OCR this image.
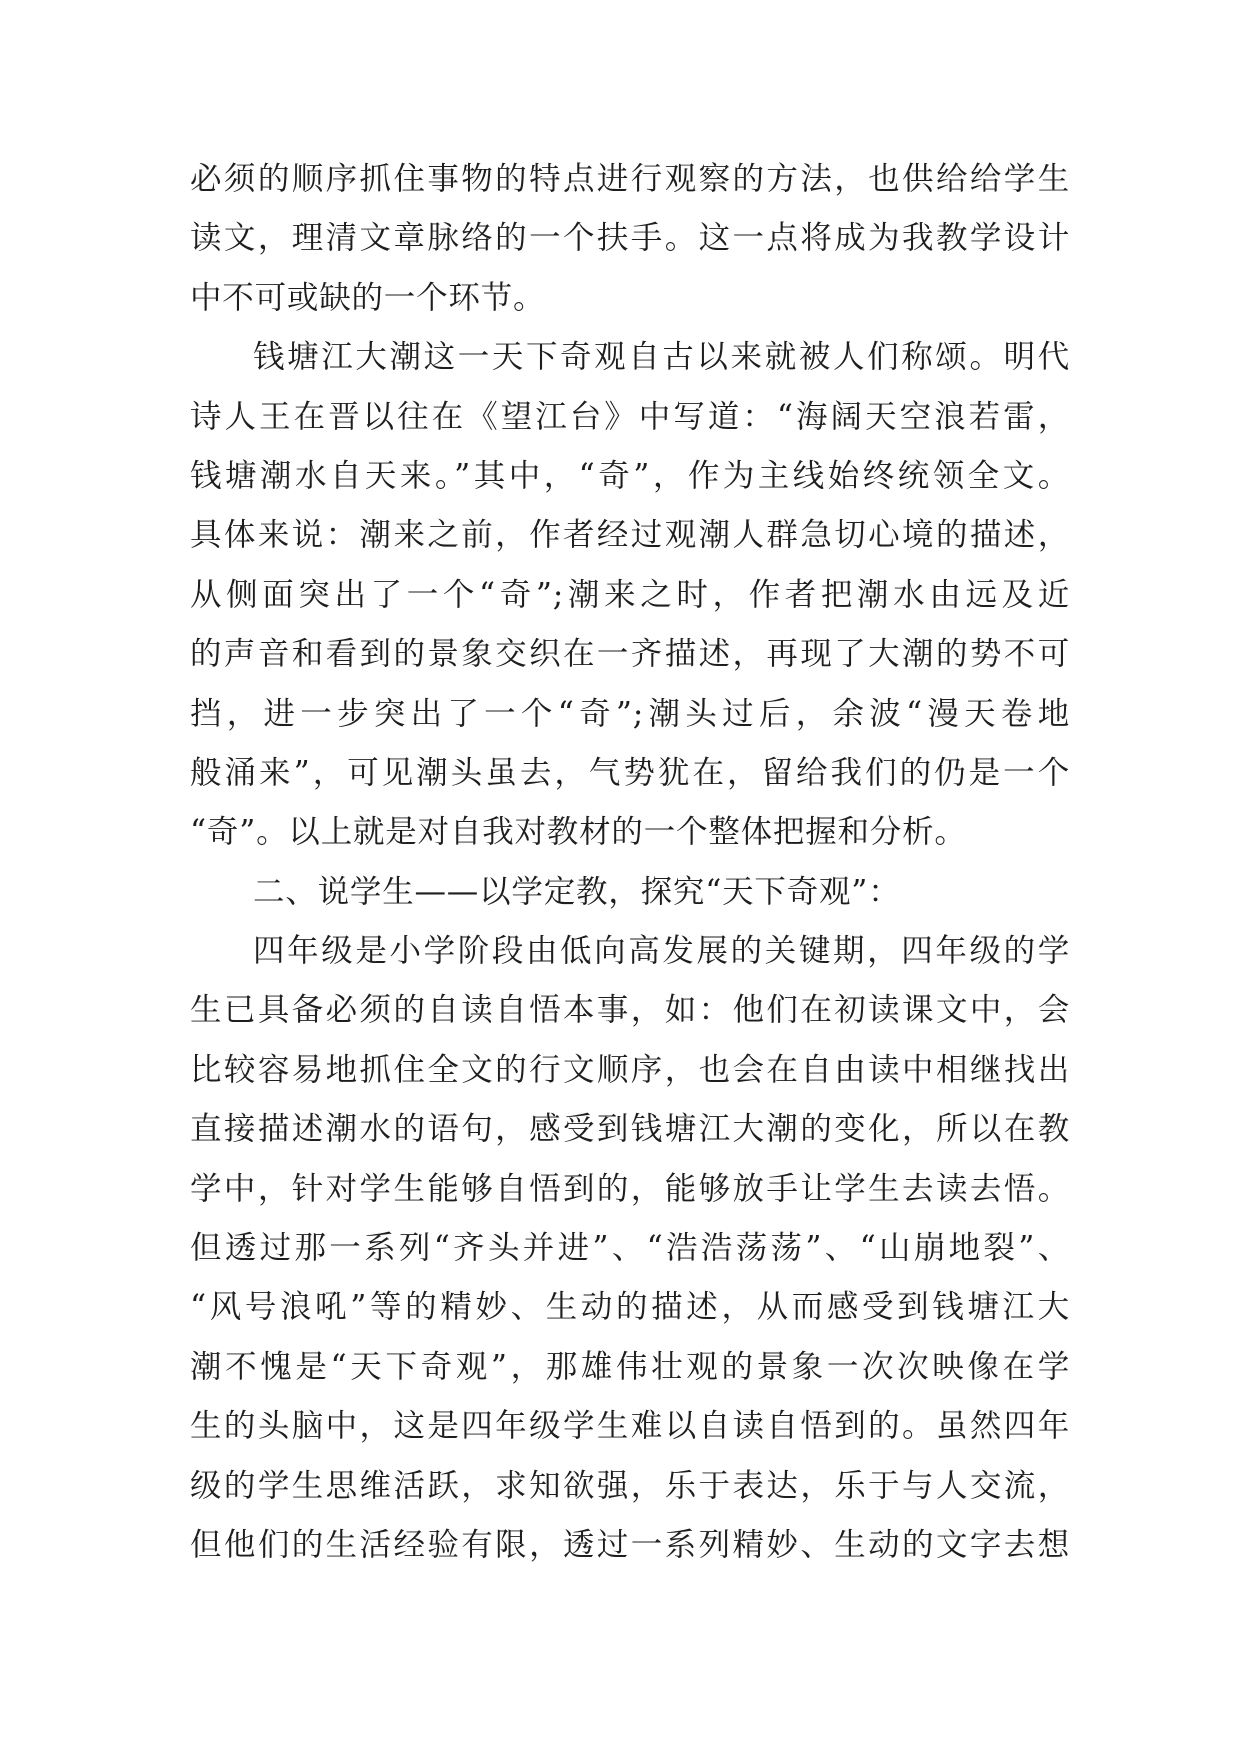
必须的顺序抓住事物的特点进行观察的方法，也供给给学生
读文，理清文章脉络的一个扶手。这一点将成为我教学设计
中不可或缺的一个环节。
钱塘江大潮这一天下奇观自古以来就被人们称颂。明代
诗人王在晋以往在《望江台》中写道：“海阔天空浪若雷，
钱塘潮水自天来。”其中，“奇”，作为主线始终统领全文。
具体来说：潮来之前，作者经过观潮人群急切心境的描述，
从侧面突出了一个“奇”;潮来之时，作者把潮水由远及近
的声音和看到的景象交织在一齐描述，再现了大潮的势不可
挡，进一步突出了一个“奇”;潮头过后，余波“漫天卷地
般涌来”，可见潮头虽去，气势犹在，留给我们的仍是一个
“奇”。以上就是对自我对教材的一个整体把握和分析。
二、说学生——以学定教，探究“天下奇观”：
四年级是小学阶段由低向高发展的关键期，四年级的学
生已具备必须的自读自悟本事，如：他们在初读课文中，会
比较容易地抓住全文的行文顺序，也会在自由读中相继找出
直接描述潮水的语句，感受到钱塘江大潮的变化，所以在教
学中，针对学生能够自悟到的，能够放手让学生去读去悟。
但透过那一系列“齐头并进”、“浩浩荡荡”、“山崩地裂”、
“风号浪吼”等的精妙、生动的描述，从而感受到钱塘江大
潮不愧是“天下奇观”，那雄伟壮观的景象一次次映像在学
生的头脑中，这是四年级学生难以自读自悟到的。虽然四年
级的学生思维活跃，求知欲强，乐于表达，乐于与人交流，
但他们的生活经验有限，透过一系列精妙、生动的文字去想
